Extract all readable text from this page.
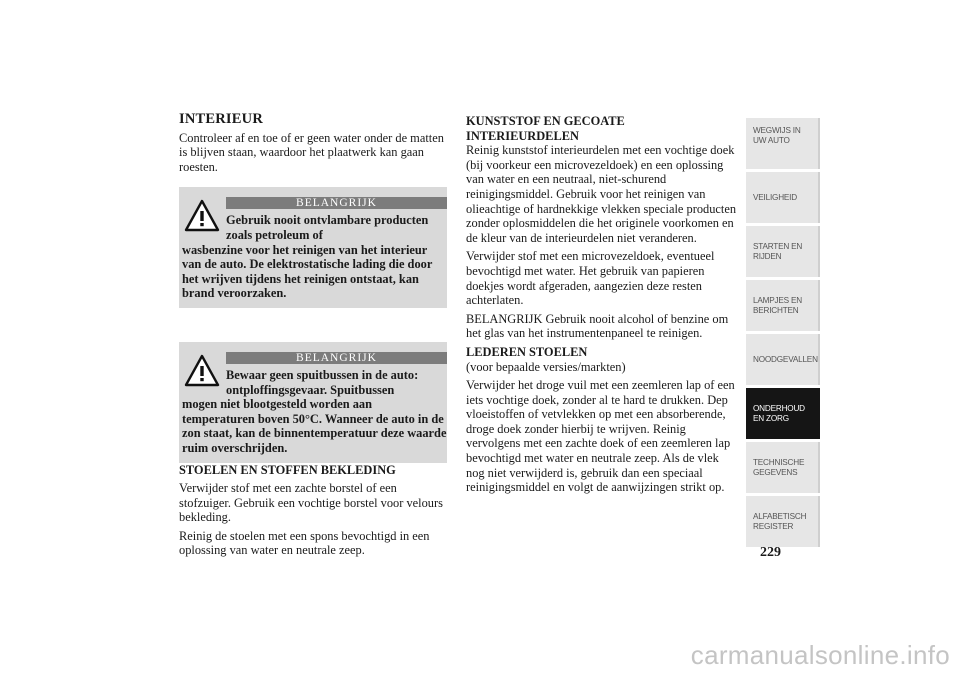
INTERIEUR

Controleer af en toe of er geen water onder de matten is blijven staan, waardoor het plaatwerk kan gaan roesten.

BELANGRIJK
Gebruik nooit ontvlambare producten zoals petroleum of
wasbenzine voor het reinigen van het interieur van de auto. De elektrostatische lading die door het wrijven tijdens het reinigen ontstaat, kan brand veroorzaken.
BELANGRIJK
Bewaar geen spuitbussen in de auto: ontploffingsgevaar. Spuitbussen
mogen niet blootgesteld worden aan temperaturen boven 50°C. Wanneer de auto in de zon staat, kan de binnentemperatuur deze waarde ruim overschrijden.
STOELEN EN STOFFEN BEKLEDING

Verwijder stof met een zachte borstel of een stofzuiger. Gebruik een vochtige borstel voor velours bekleding.

Reinig de stoelen met een spons bevochtigd in een oplossing van water en neutrale zeep.

KUNSTSTOF EN GECOATE INTERIEURDELEN

Reinig kunststof interieurdelen met een vochtige doek (bij voorkeur een microvezeldoek) en een oplossing van water en een neutraal, niet-schurend reinigingsmiddel. Gebruik voor het reinigen van olieachtige of hardnekkige vlekken speciale producten zonder oplosmiddelen die het originele voorkomen en de kleur van de interieurdelen niet veranderen.

Verwijder stof met een microvezeldoek, eventueel bevochtigd met water. Het gebruik van papieren doekjes wordt afgeraden, aangezien deze resten achterlaten.

BELANGRIJK Gebruik nooit alcohol of benzine om het glas van het instrumentenpaneel te reinigen.

LEDEREN STOELEN

(voor bepaalde versies/markten)

Verwijder het droge vuil met een zeemleren lap of een iets vochtige doek, zonder al te hard te drukken. Dep vloeistoffen of vetvlekken op met een absorberende, droge doek zonder hierbij te wrijven. Reinig vervolgens met een zachte doek of een zeemleren lap bevochtigd met water en neutrale zeep. Als de vlek nog niet verwijderd is, gebruik dan een speciaal reinigingsmiddel en volgt de aanwijzingen strikt op.

WEGWIJS IN UW AUTO
VEILIGHEID
STARTEN EN RIJDEN
LAMPJES EN BERICHTEN
NOODGEVALLEN
ONDERHOUD EN ZORG
TECHNISCHE GEGEVENS
ALFABETISCH REGISTER
229
carmanualsonline.info
